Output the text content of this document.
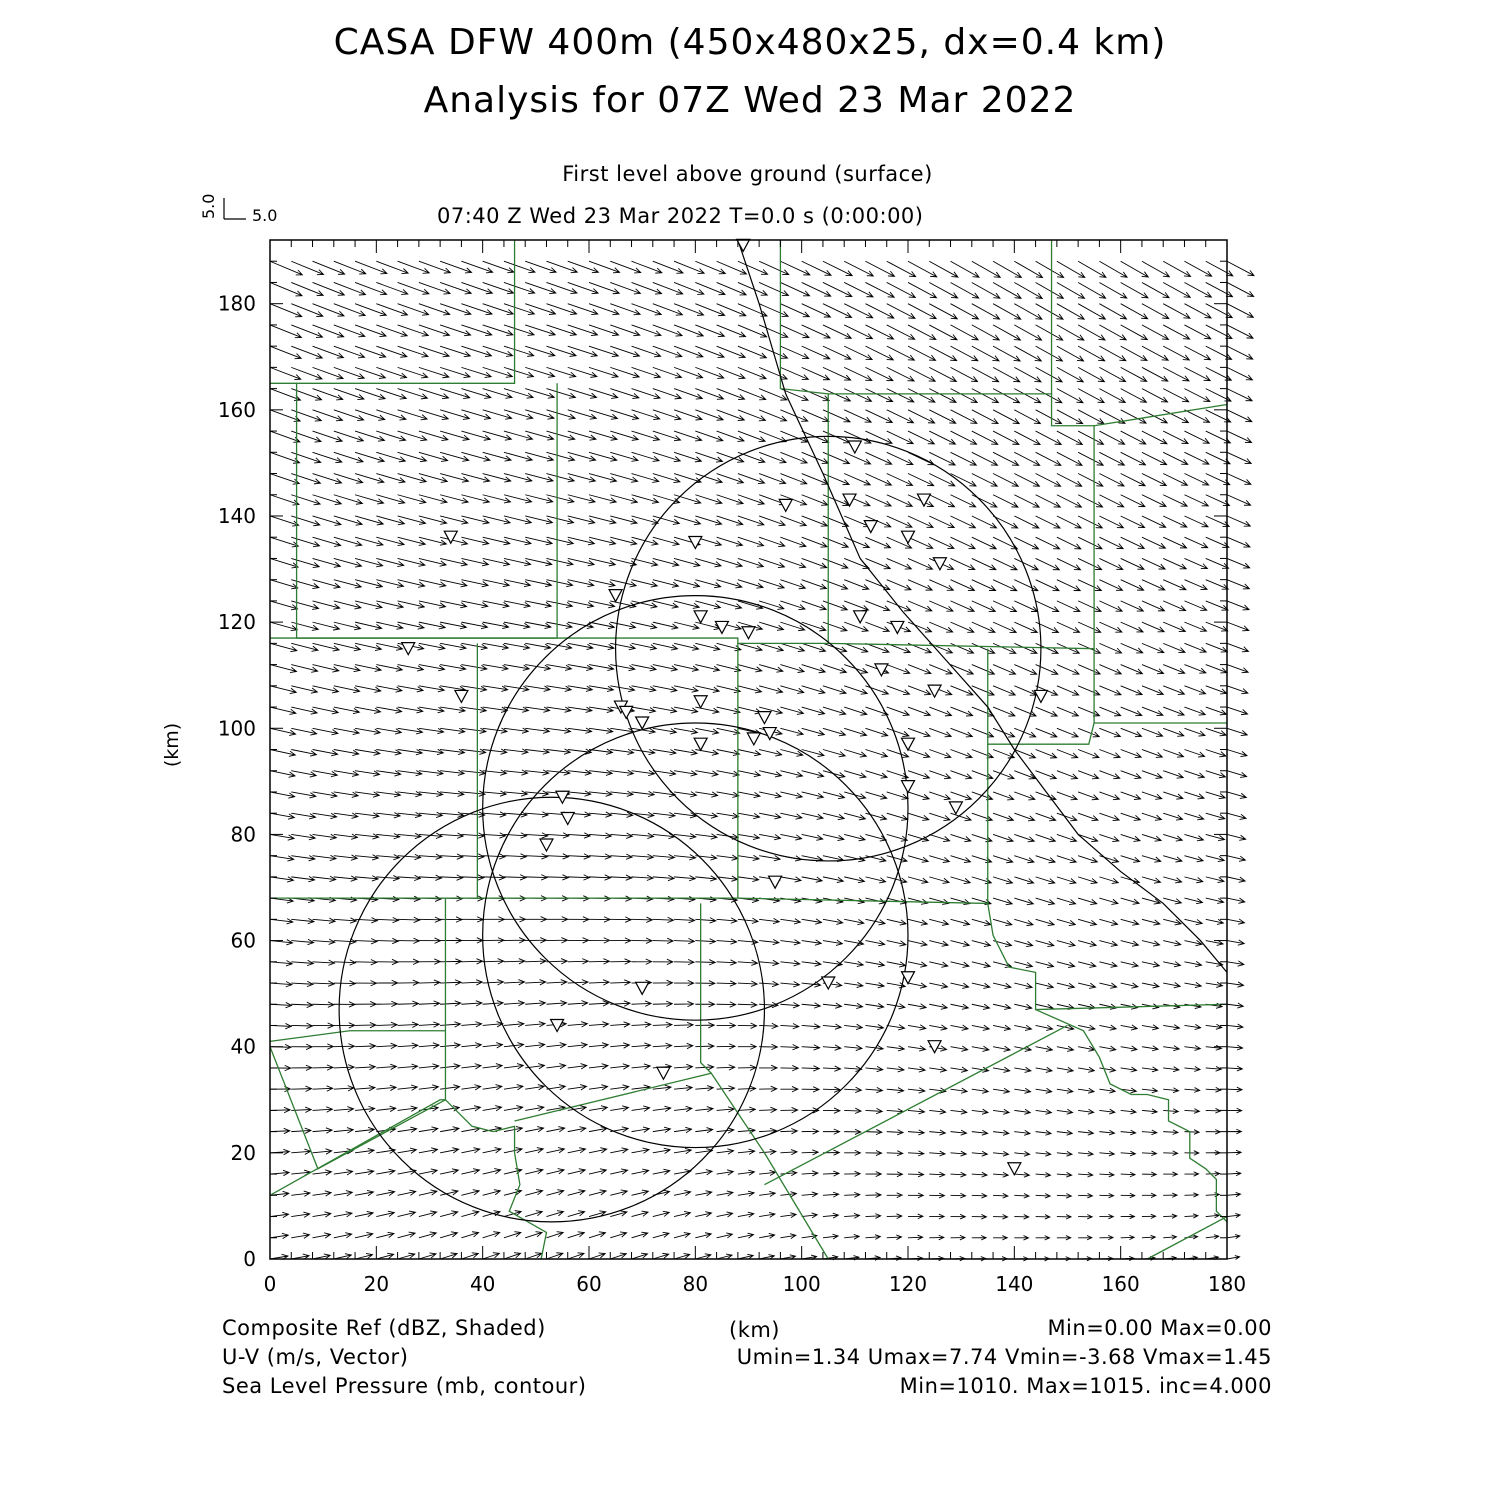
CASA DFW 400m (450x480x25, dx=0.4 km)
Analysis for 07Z Wed 23 Mar 2022
First level above ground (surface)
07:40 Z Wed 23 Mar 2022 T=0.0 s (0:00:00)
0	20	40	60	80	100	120	140	160	180
0
20
40
60
80
100
120
140
160
180
(km)
5.0
5.0
Composite Ref (dBZ, Shaded)
U-V (m/s, Vector)
Sea Level Pressure (mb, contour)
(km)	Min=0.00 Max=0.00
Umin=1.34 Umax=7.74 Vmin=-3.68 Vmax=1.45
Min=1010. Max=1015. inc=4.000
